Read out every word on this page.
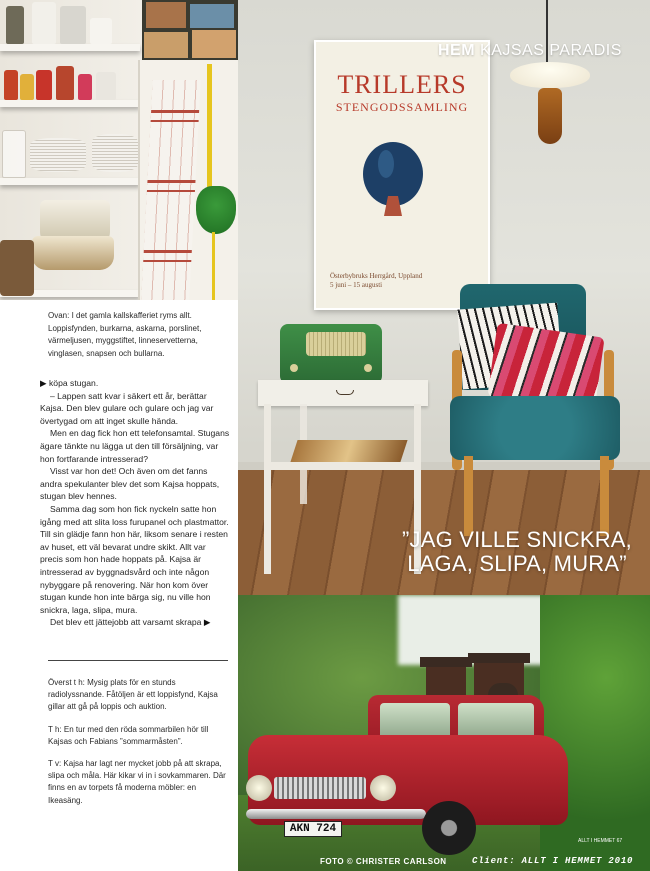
TRILLERS
STENGODSSAMLING
Österbybruks Herrgård, Uppland
5 juni – 15 augusti
HEM KAJSAS PARADIS
”JAG VILLE SNICKRA, LAGA, SLIPA, MURA”
AKN 724
ALLT I HEMMET 67
FOTO © CHRISTER CARLSON	Client: ALLT I HEMMET 2010
Ovan: I det gamla kallskafferiet ryms allt. Loppisfynden, burkarna, askarna, porslinet, värmeljusen, myggstiftet, linneservetterna, vinglasen, snapsen och bullarna.

▶ köpa stugan.

– Lappen satt kvar i säkert ett år, berättar Kajsa. Den blev gulare och gulare och jag var övertygad om att inget skulle hända.

Men en dag fick hon ett telefonsamtal. Stugans ägare tänkte nu lägga ut den till försäljning, var hon fortfarande intresserad?

Visst var hon det! Och även om det fanns andra spekulanter blev det som Kajsa hoppats, stugan blev hennes.

Samma dag som hon fick nyckeln satte hon igång med att slita loss furupanel och plastmattor. Till sin glädje fann hon här, liksom senare i resten av huset, ett väl bevarat undre skikt. Allt var precis som hon hade hoppats på. Kajsa är intresserad av byggnadsvård och inte någon nybyggare på renovering. När hon kom över stugan kunde hon inte bärga sig, nu ville hon snickra, laga, slipa, mura.

Det blev ett jättejobb att varsamt skrapa ▶

Överst t h: Mysig plats för en stunds radiolyssnande. Fåtöljen är ett loppisfynd, Kajsa gillar att gå på loppis och auktion.

T h: En tur med den röda sommarbilen hör till Kajsas och Fabians ”sommarmåsten”.

T v: Kajsa har lagt ner mycket jobb på att skrapa, slipa och måla. Här kikar vi in i sovkammaren. Där finns en av torpets få moderna möbler: en Ikeasäng.
